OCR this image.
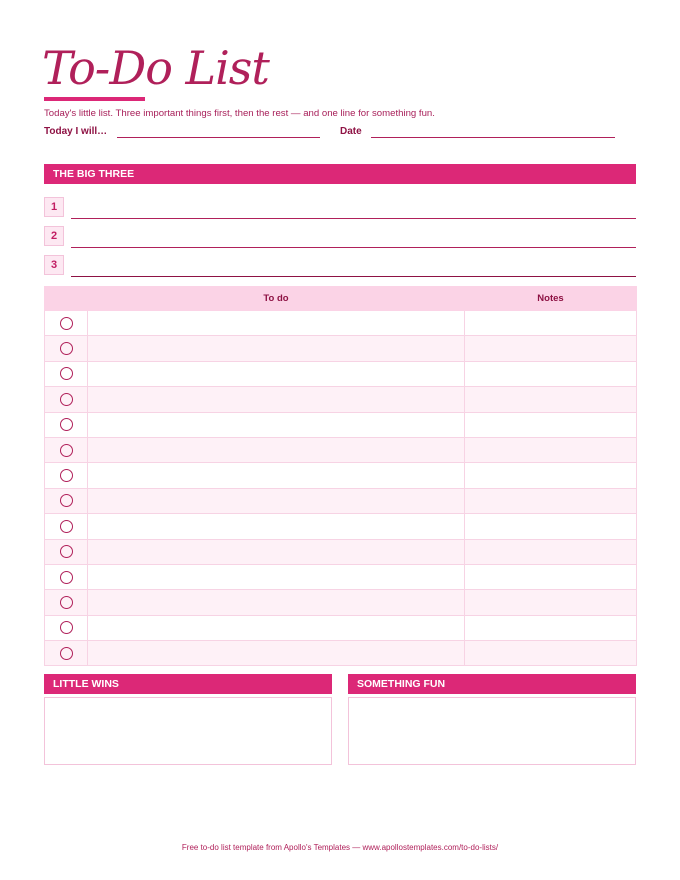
To-Do List
Today's little list. Three important things first, then the rest — and one line for something fun.
Today I will…	Date
THE BIG THREE
1
2
3
	To do	Notes

LITTLE WINS	SOMETHING FUN
Free to-do list template from Apollo's Templates — www.apollostemplates.com/to-do-lists/
